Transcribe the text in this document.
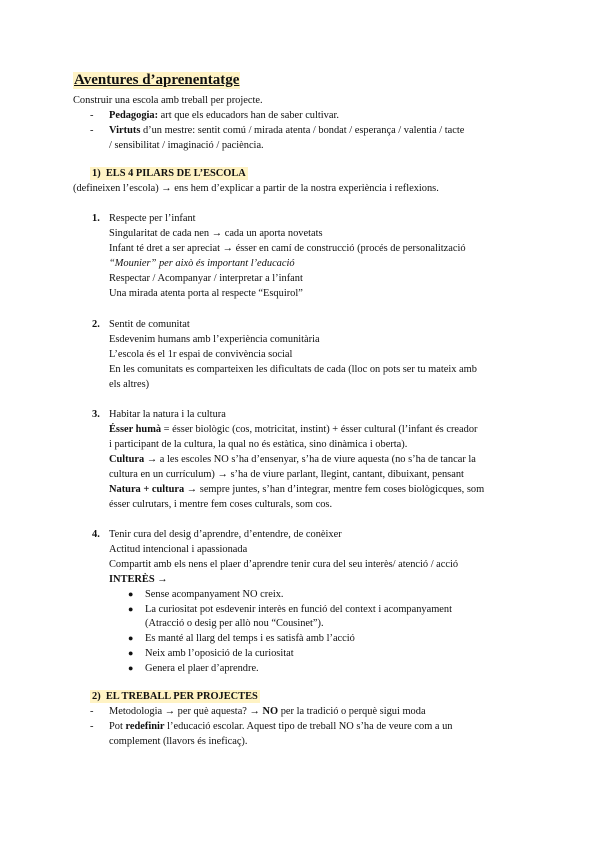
Aventures d’aprenentatge
Construir una escola amb treball per projecte.
- Pedagogia: art que els educadors han de saber cultivar.
- Virtuts d’un mestre: sentit comú / mirada atenta / bondat / esperança / valentia / tacte
/ sensibilitat / imaginació / paciència.
1) ELS 4 PILARS DE L’ESCOLA
(defineixen l’escola) → ens hem d’explicar a partir de la nostra experiència i reflexions.
1. Respecte per l’infant
Singularitat de cada nen → cada un aporta novetats
Infant té dret a ser apreciat → ésser en camí de construcció (procés de personalització
“Mounier” per això és important l’educació
Respectar / Acompanyar / interpretar a l’infant
Una mirada atenta porta al respecte “Esquirol”
2. Sentit de comunitat
Esdevenim humans amb l’experiència comunitària
L’escola és el 1r espai de convivència social
En les comunitats es comparteixen les dificultats de cada (lloc on pots ser tu mateix amb
els altres)
3. Habitar la natura i la cultura
Ésser humà = ésser biològic (cos, motricitat, instint) + ésser cultural (l’infant és creador
i participant de la cultura, la qual no és estàtica, sino dinàmica i oberta).
Cultura → a les escoles NO s’ha d’ensenyar, s’ha de viure aquesta (no s’ha de tancar la
cultura en un currículum) → s’ha de viure parlant, llegint, cantant, dibuixant, pensant
Natura + cultura → sempre juntes, s’han d’integrar, mentre fem coses biològicques, som
ésser culrutars, i mentre fem coses culturals, som cos.
4. Tenir cura del desig d’aprendre, d’entendre, de conèixer
Actitud intencional i apassionada
Compartit amb els nens el plaer d’aprendre tenir cura del seu interès/ atenció / acció
INTERÈS →
● Sense acompanyament NO creix.
● La curiositat pot esdevenir interès en funció del context i acompanyament
(Atracció o desig per allò nou “Cousinet”).
● Es manté al llarg del temps i es satisfà amb l’acció
● Neix amb l’oposició de la curiositat
● Genera el plaer d’aprendre.
2) EL TREBALL PER PROJECTES
- Metodologia → per què aquesta? → NO per la tradició o perquè sigui moda
- Pot redefinir l’educació escolar. Aquest tipo de treball NO s’ha de veure com a un
complement (llavors és ineficaç).
